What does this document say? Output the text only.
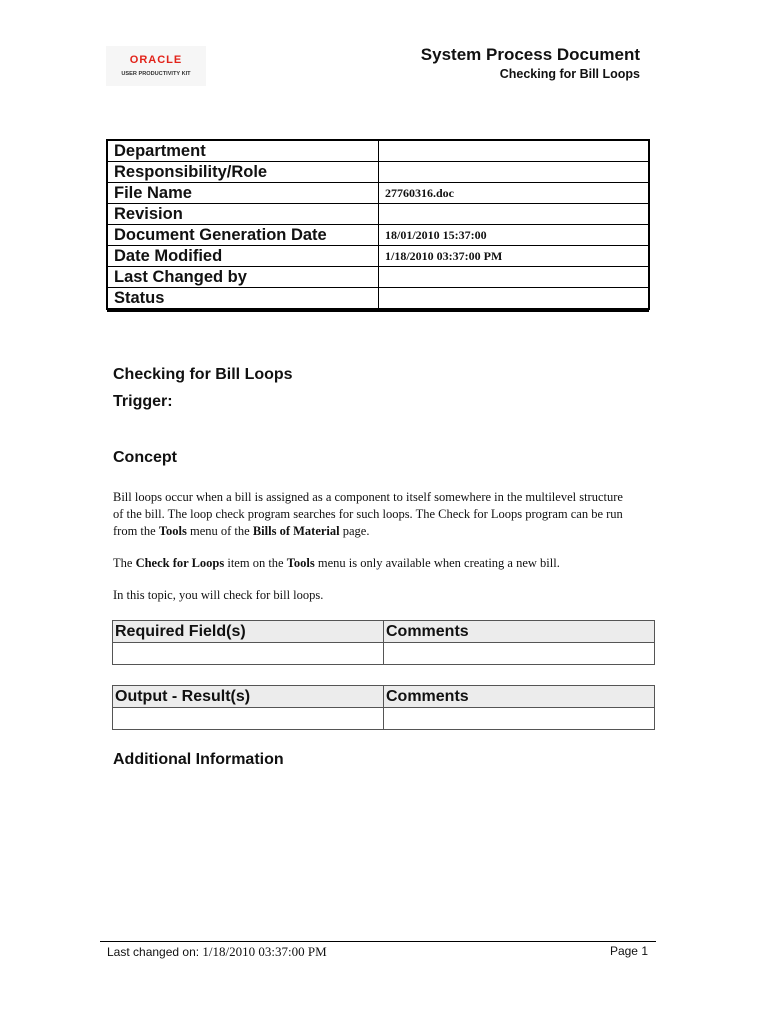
ORACLE
USER PRODUCTIVITY KIT
System Process Document
Checking for Bill Loops
Department	
Responsibility/Role	
File Name	27760316.doc
Revision	
Document Generation Date	18/01/2010 15:37:00
Date Modified	1/18/2010 03:37:00 PM
Last Changed by	
Status	
Checking for Bill Loops
Trigger:
Concept
Bill loops occur when a bill is assigned as a component to itself somewhere in the multilevel structure of the bill. The loop check program searches for such loops. The Check for Loops program can be run from the Tools menu of the Bills of Material page.
The Check for Loops item on the Tools menu is only available when creating a new bill.
In this topic, you will check for bill loops.
Required Field(s)	Comments

Output - Result(s)	Comments

Additional Information
Last changed on: 1/18/2010 03:37:00 PM	Page 1
